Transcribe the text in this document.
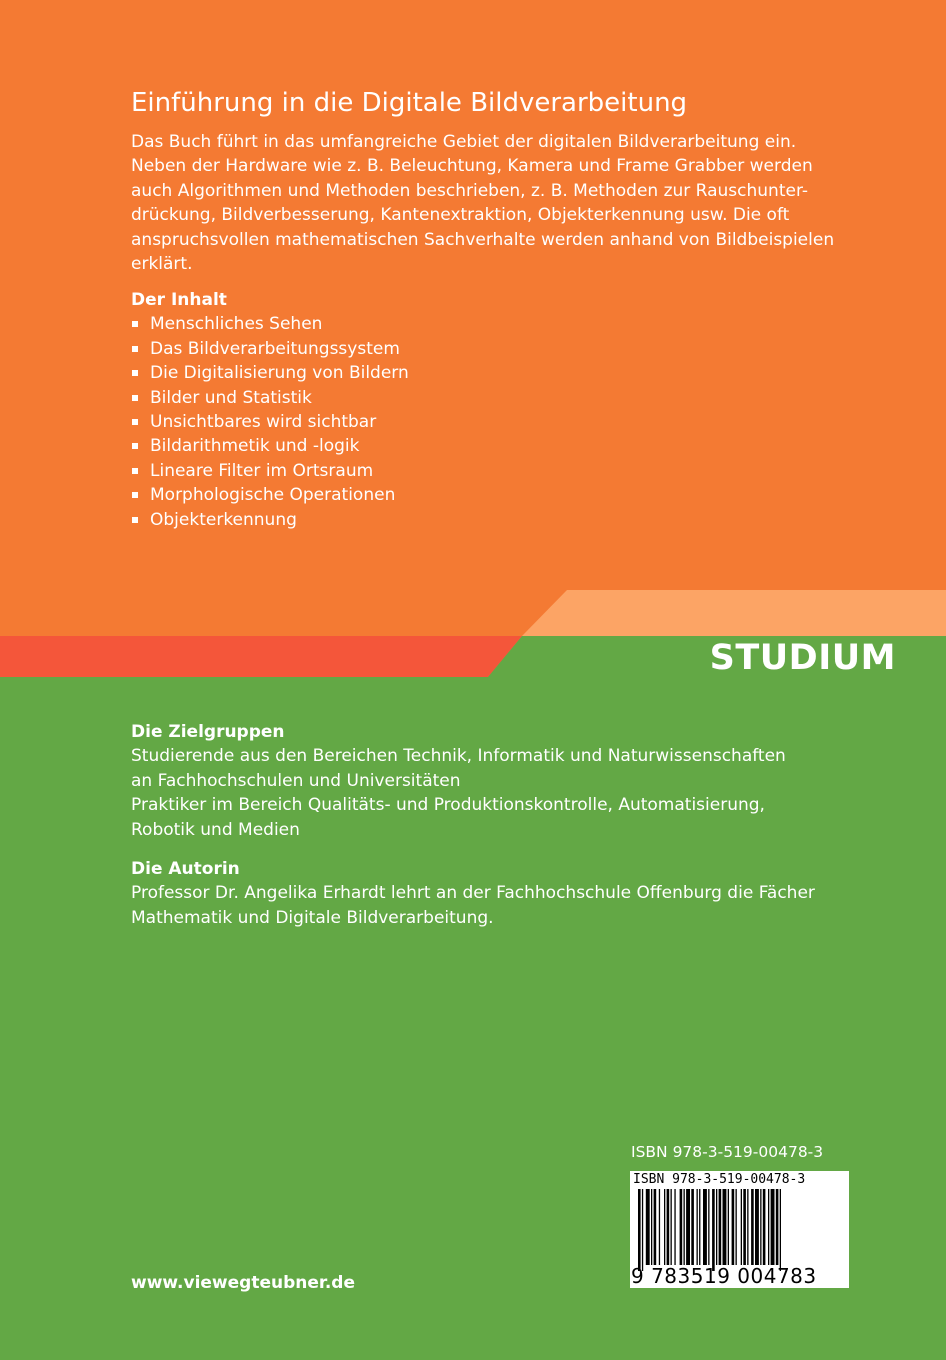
STUDIUM
Einführung in die Digitale Bildverarbeitung
Das Buch führt in das umfangreiche Gebiet der digitalen Bildverarbeitung ein.
Neben der Hardware wie z. B. Beleuchtung, Kamera und Frame Grabber werden
auch Algorithmen und Methoden beschrieben, z. B. Methoden zur Rauschunter-
drückung, Bildverbesserung, Kantenextraktion, Objekterkennung usw. Die oft
anspruchsvollen mathematischen Sachverhalte werden anhand von Bildbeispielen
erklärt.
Der Inhalt
Menschliches Sehen
Das Bildverarbeitungssystem
Die Digitalisierung von Bildern
Bilder und Statistik
Unsichtbares wird sichtbar
Bildarithmetik und -logik
Lineare Filter im Ortsraum
Morphologische Operationen
Objekterkennung
Die Zielgruppen
Studierende aus den Bereichen Technik, Informatik und Naturwissenschaften
an Fachhochschulen und Universitäten
Praktiker im Bereich Qualitäts- und Produktionskontrolle, Automatisierung,
Robotik und Medien
Die Autorin
Professor Dr. Angelika Erhardt lehrt an der Fachhochschule Offenburg die Fächer
Mathematik und Digitale Bildverarbeitung.
www.viewegteubner.de
ISBN 978-3-519-00478-3
ISBN 978-3-519-00478-3
9 783519 004783
